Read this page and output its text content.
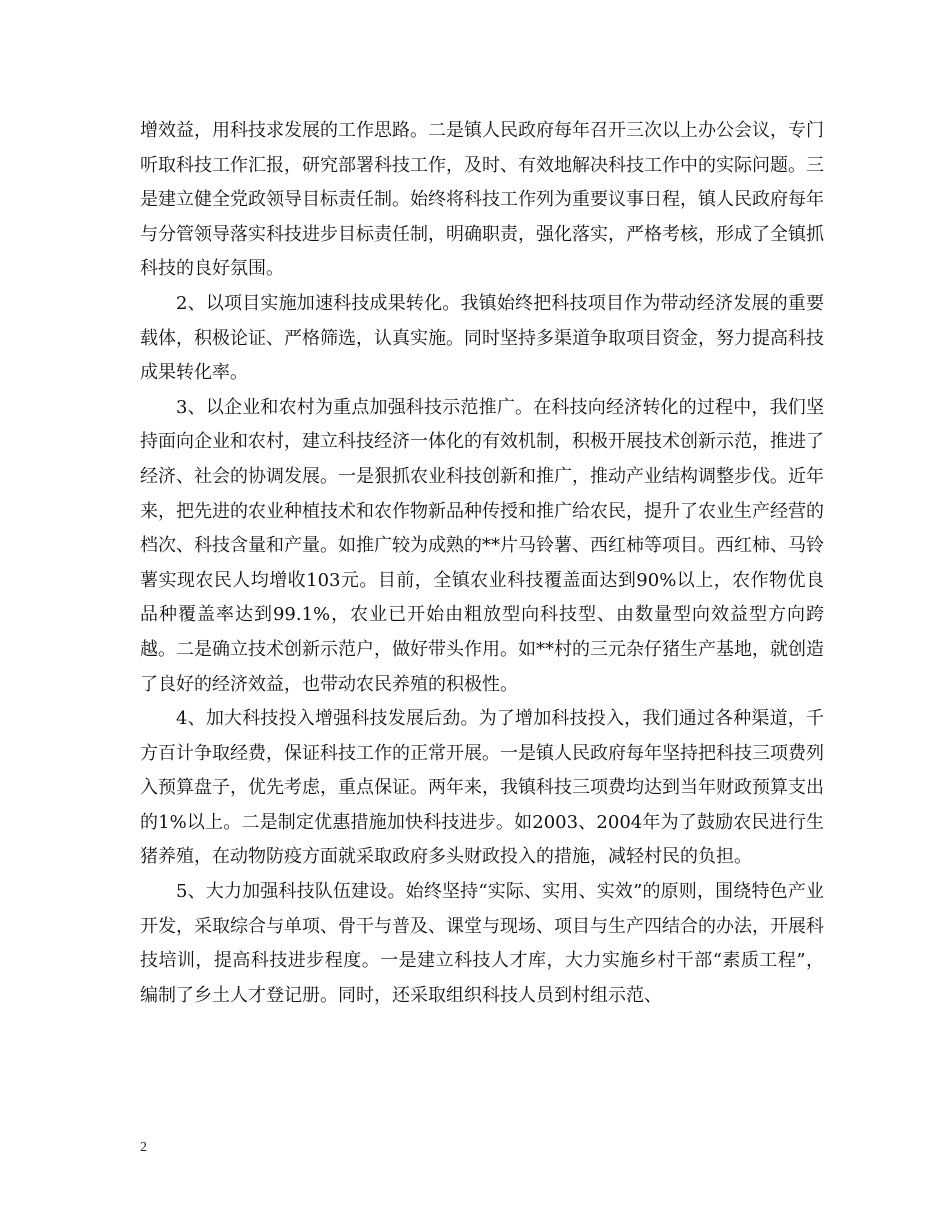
增效益，用科技求发展的工作思路。二是镇人民政府每年召开三次以上办公会议，专门听取科技工作汇报，研究部署科技工作，及时、有效地解决科技工作中的实际问题。三是建立健全党政领导目标责任制。始终将科技工作列为重要议事日程，镇人民政府每年与分管领导落实科技进步目标责任制，明确职责，强化落实，严格考核，形成了全镇抓科技的良好氛围。

2、以项目实施加速科技成果转化。我镇始终把科技项目作为带动经济发展的重要载体，积极论证、严格筛选，认真实施。同时坚持多渠道争取项目资金，努力提高科技成果转化率。

3、以企业和农村为重点加强科技示范推广。在科技向经济转化的过程中，我们坚持面向企业和农村，建立科技经济一体化的有效机制，积极开展技术创新示范，推进了经济、社会的协调发展。一是狠抓农业科技创新和推广，推动产业结构调整步伐。近年来，把先进的农业种植技术和农作物新品种传授和推广给农民，提升了农业生产经营的档次、科技含量和产量。如推广较为成熟的**片马铃薯、西红柿等项目。西红柿、马铃薯实现农民人均增收103元。目前，全镇农业科技覆盖面达到90%以上，农作物优良品种覆盖率达到99.1%，农业已开始由粗放型向科技型、由数量型向效益型方向跨越。二是确立技术创新示范户，做好带头作用。如**村的三元杂仔猪生产基地，就创造了良好的经济效益，也带动农民养殖的积极性。

4、加大科技投入增强科技发展后劲。为了增加科技投入，我们通过各种渠道，千方百计争取经费，保证科技工作的正常开展。一是镇人民政府每年坚持把科技三项费列入预算盘子，优先考虑，重点保证。两年来，我镇科技三项费均达到当年财政预算支出的1%以上。二是制定优惠措施加快科技进步。如2003、2004年为了鼓励农民进行生猪养殖，在动物防疫方面就采取政府多头财政投入的措施，减轻村民的负担。

5、大力加强科技队伍建设。始终坚持“实际、实用、实效”的原则，围绕特色产业开发，采取综合与单项、骨干与普及、课堂与现场、项目与生产四结合的办法，开展科技培训，提高科技进步程度。一是建立科技人才库，大力实施乡村干部“素质工程”，编制了乡土人才登记册。同时，还采取组织科技人员到村组示范、

2
